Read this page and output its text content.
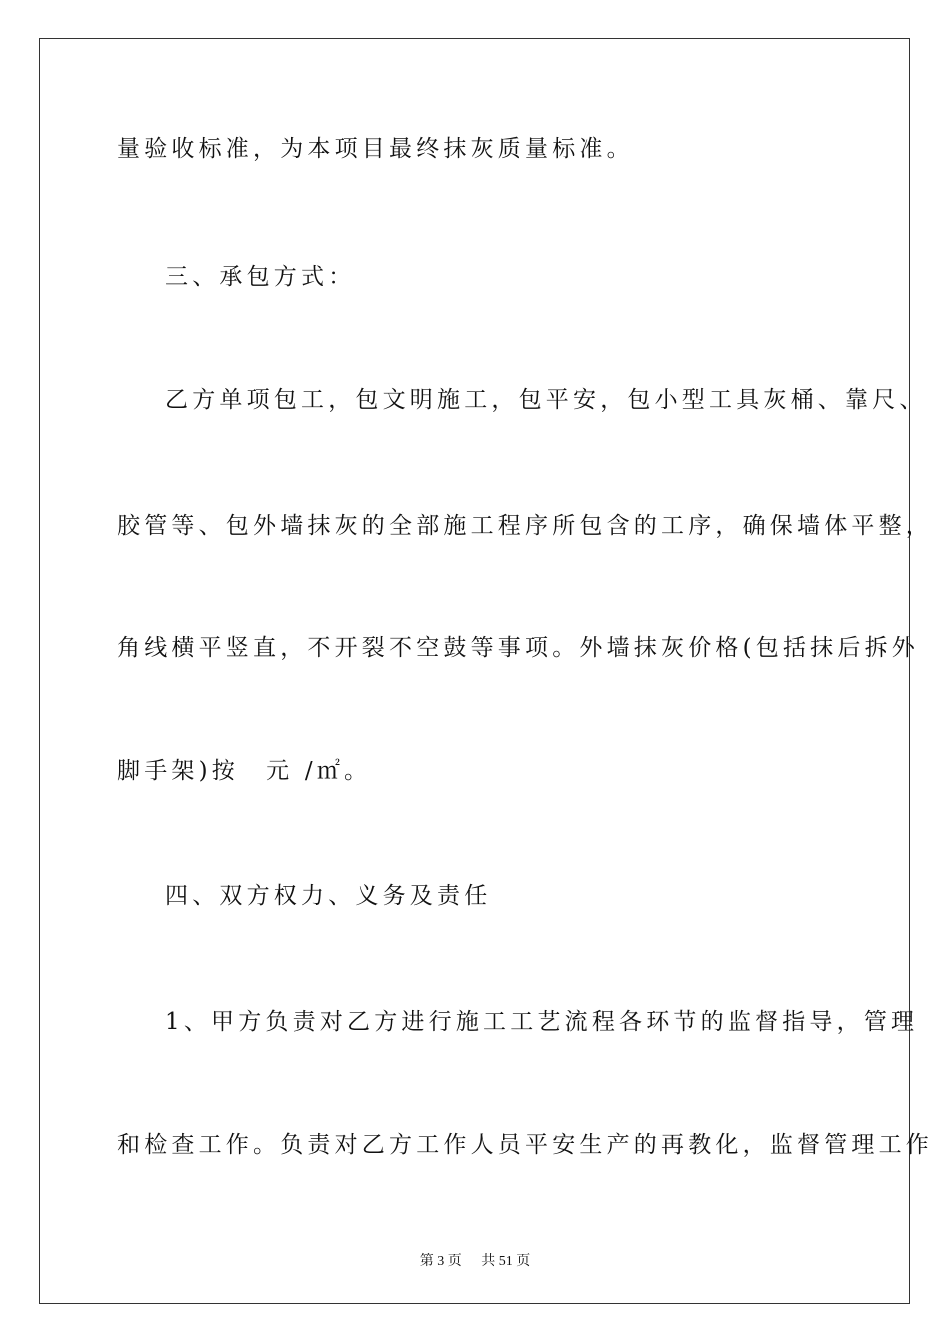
量验收标准，为本项目最终抹灰质量标准。
三、承包方式：
乙方单项包工，包文明施工，包平安，包小型工具灰桶、靠尺、
胶管等、包外墙抹灰的全部施工程序所包含的工序，确保墙体平整，
角线横平竖直，不开裂不空鼓等事项。外墙抹灰价格(包括抹后拆外
脚手架)按　元 /㎡。
四、双方权力、义务及责任
1、甲方负责对乙方进行施工工艺流程各环节的监督指导，管理
和检查工作。负责对乙方工作人员平安生产的再教化，监督管理工作
第 3 页 共 51 页
